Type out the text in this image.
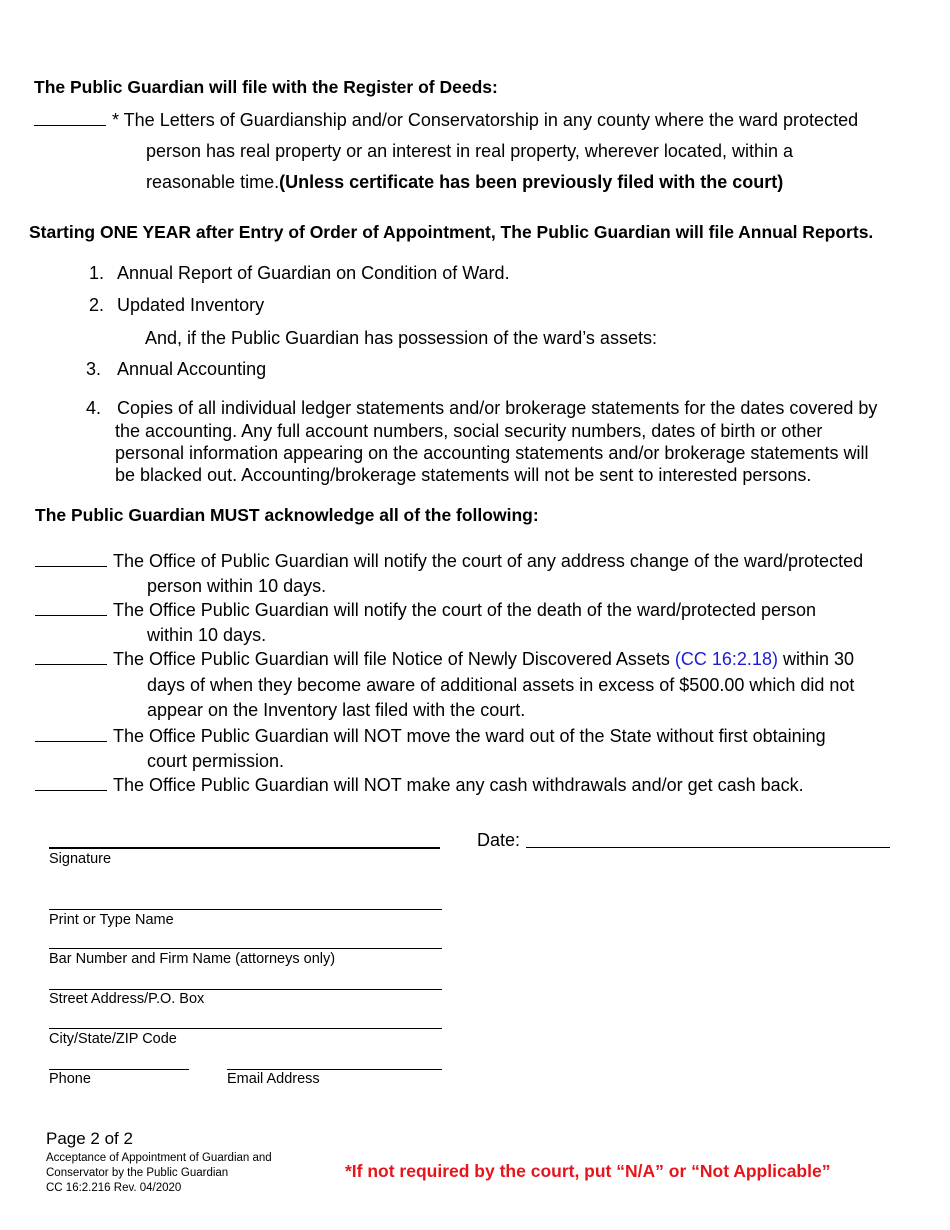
The Public Guardian will file with the Register of Deeds:
* The Letters of Guardianship and/or Conservatorship in any county where the ward protected
person has real property or an interest in real property, wherever located, within a
reasonable time.(Unless certificate has been previously filed with the court)
Starting ONE YEAR after Entry of Order of Appointment, The Public Guardian will file Annual Reports.
1. Annual Report of Guardian on Condition of Ward.
2. Updated Inventory
And, if the Public Guardian has possession of the ward’s assets:
3. Annual Accounting
4. Copies of all individual ledger statements and/or brokerage statements for the dates covered by
the accounting. Any full account numbers, social security numbers, dates of birth or other
personal information appearing on the accounting statements and/or brokerage statements will
be blacked out. Accounting/brokerage statements will not be sent to interested persons.
The Public Guardian MUST acknowledge all of the following:
The Office of Public Guardian will notify the court of any address change of the ward/protected
person within 10 days.
The Office Public Guardian will notify the court of the death of the ward/protected person
within 10 days.
The Office Public Guardian will file Notice of Newly Discovered Assets (CC 16:2.18) within 30
days of when they become aware of additional assets in excess of $500.00 which did not
appear on the Inventory last filed with the court.
The Office Public Guardian will NOT move the ward out of the State without first obtaining
court permission.
The Office Public Guardian will NOT make any cash withdrawals and/or get cash back.
Signature
Date:
Print or Type Name
Bar Number and Firm Name (attorneys only)
Street Address/P.O. Box
City/State/ZIP Code
Phone	Email Address
Page 2 of 2
Acceptance of Appointment of Guardian and
Conservator by the Public Guardian
CC 16:2.216 Rev. 04/2020
*If not required by the court, put “N/A” or “Not Applicable”
